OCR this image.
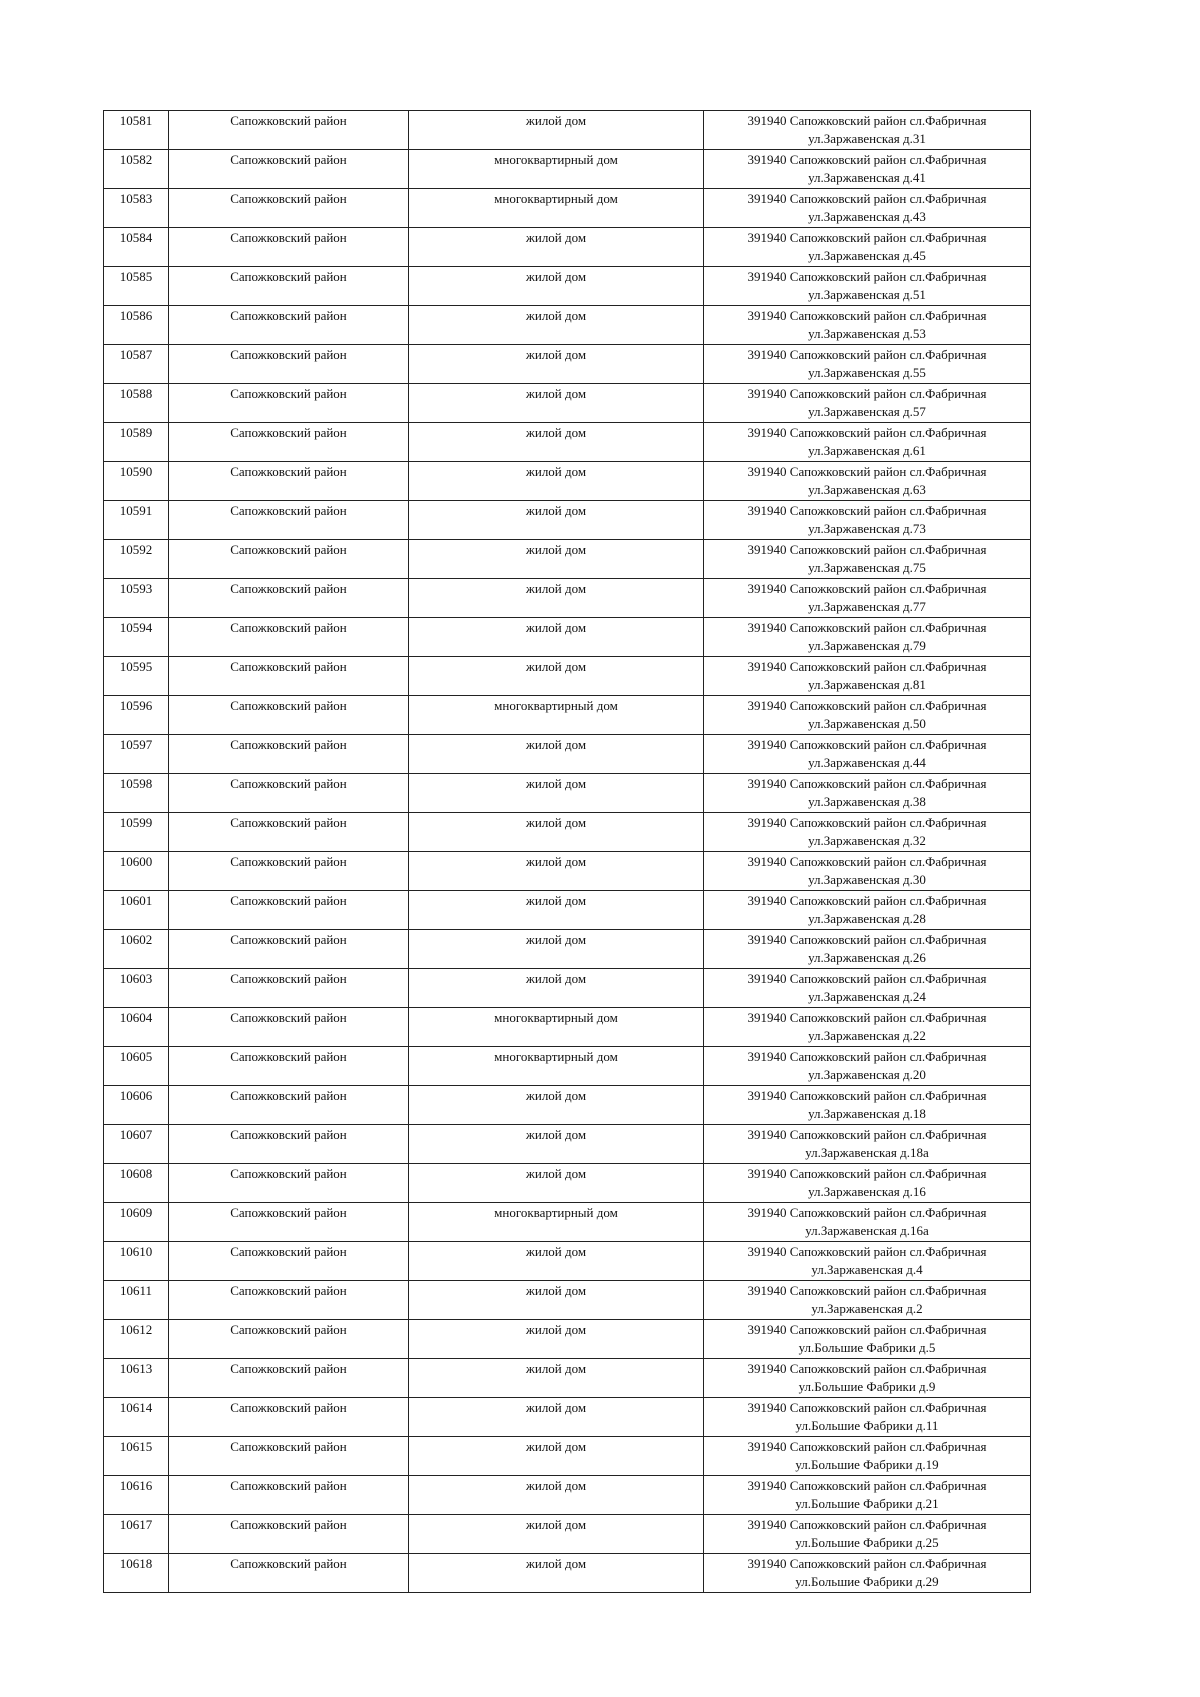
10581	Сапожковский район	жилой дом	391940 Сапожковский район сл.Фабричная
ул.Заржавенская д.31

10582	Сапожковский район	многоквартирный дом	391940 Сапожковский район сл.Фабричная
ул.Заржавенская д.41

10583	Сапожковский район	многоквартирный дом	391940 Сапожковский район сл.Фабричная
ул.Заржавенская д.43

10584	Сапожковский район	жилой дом	391940 Сапожковский район сл.Фабричная
ул.Заржавенская д.45

10585	Сапожковский район	жилой дом	391940 Сапожковский район сл.Фабричная
ул.Заржавенская д.51

10586	Сапожковский район	жилой дом	391940 Сапожковский район сл.Фабричная
ул.Заржавенская д.53

10587	Сапожковский район	жилой дом	391940 Сапожковский район сл.Фабричная
ул.Заржавенская д.55

10588	Сапожковский район	жилой дом	391940 Сапожковский район сл.Фабричная
ул.Заржавенская д.57

10589	Сапожковский район	жилой дом	391940 Сапожковский район сл.Фабричная
ул.Заржавенская д.61

10590	Сапожковский район	жилой дом	391940 Сапожковский район сл.Фабричная
ул.Заржавенская д.63

10591	Сапожковский район	жилой дом	391940 Сапожковский район сл.Фабричная
ул.Заржавенская д.73

10592	Сапожковский район	жилой дом	391940 Сапожковский район сл.Фабричная
ул.Заржавенская д.75

10593	Сапожковский район	жилой дом	391940 Сапожковский район сл.Фабричная
ул.Заржавенская д.77

10594	Сапожковский район	жилой дом	391940 Сапожковский район сл.Фабричная
ул.Заржавенская д.79

10595	Сапожковский район	жилой дом	391940 Сапожковский район сл.Фабричная
ул.Заржавенская д.81

10596	Сапожковский район	многоквартирный дом	391940 Сапожковский район сл.Фабричная
ул.Заржавенская д.50

10597	Сапожковский район	жилой дом	391940 Сапожковский район сл.Фабричная
ул.Заржавенская д.44

10598	Сапожковский район	жилой дом	391940 Сапожковский район сл.Фабричная
ул.Заржавенская д.38

10599	Сапожковский район	жилой дом	391940 Сапожковский район сл.Фабричная
ул.Заржавенская д.32

10600	Сапожковский район	жилой дом	391940 Сапожковский район сл.Фабричная
ул.Заржавенская д.30

10601	Сапожковский район	жилой дом	391940 Сапожковский район сл.Фабричная
ул.Заржавенская д.28

10602	Сапожковский район	жилой дом	391940 Сапожковский район сл.Фабричная
ул.Заржавенская д.26

10603	Сапожковский район	жилой дом	391940 Сапожковский район сл.Фабричная
ул.Заржавенская д.24

10604	Сапожковский район	многоквартирный дом	391940 Сапожковский район сл.Фабричная
ул.Заржавенская д.22

10605	Сапожковский район	многоквартирный дом	391940 Сапожковский район сл.Фабричная
ул.Заржавенская д.20

10606	Сапожковский район	жилой дом	391940 Сапожковский район сл.Фабричная
ул.Заржавенская д.18

10607	Сапожковский район	жилой дом	391940 Сапожковский район сл.Фабричная
ул.Заржавенская д.18а

10608	Сапожковский район	жилой дом	391940 Сапожковский район сл.Фабричная
ул.Заржавенская д.16

10609	Сапожковский район	многоквартирный дом	391940 Сапожковский район сл.Фабричная
ул.Заржавенская д.16а

10610	Сапожковский район	жилой дом	391940 Сапожковский район сл.Фабричная
ул.Заржавенская д.4

10611	Сапожковский район	жилой дом	391940 Сапожковский район сл.Фабричная
ул.Заржавенская д.2

10612	Сапожковский район	жилой дом	391940 Сапожковский район сл.Фабричная
ул.Большие Фабрики д.5

10613	Сапожковский район	жилой дом	391940 Сапожковский район сл.Фабричная
ул.Большие Фабрики д.9

10614	Сапожковский район	жилой дом	391940 Сапожковский район сл.Фабричная
ул.Большие Фабрики д.11

10615	Сапожковский район	жилой дом	391940 Сапожковский район сл.Фабричная
ул.Большие Фабрики д.19

10616	Сапожковский район	жилой дом	391940 Сапожковский район сл.Фабричная
ул.Большие Фабрики д.21

10617	Сапожковский район	жилой дом	391940 Сапожковский район сл.Фабричная
ул.Большие Фабрики д.25

10618	Сапожковский район	жилой дом	391940 Сапожковский район сл.Фабричная
ул.Большие Фабрики д.29
